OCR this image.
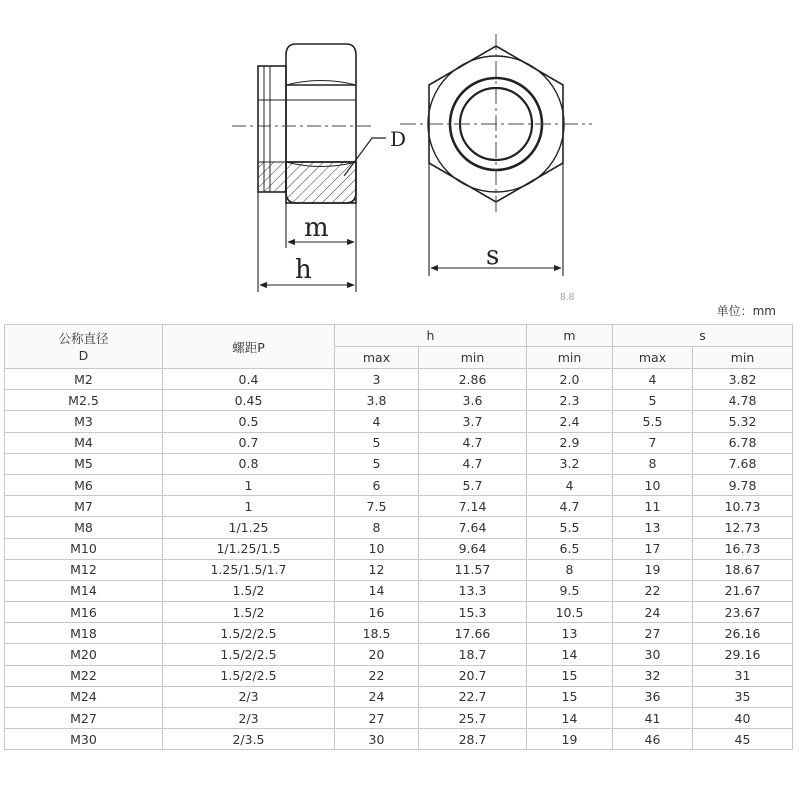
D
m
h	s
8.8
单位：mm
公称直径
D	螺距P	h		m	s	
		max	min	min	max	min
M2	0.4	3	2.86	2.0	4	3.82
M2.5	0.45	3.8	3.6	2.3	5	4.78
M3	0.5	4	3.7	2.4	5.5	5.32
M4	0.7	5	4.7	2.9	7	6.78
M5	0.8	5	4.7	3.2	8	7.68
M6	1	6	5.7	4	10	9.78
M7	1	7.5	7.14	4.7	11	10.73
M8	1/1.25	8	7.64	5.5	13	12.73
M10	1/1.25/1.5	10	9.64	6.5	17	16.73
M12	1.25/1.5/1.7	12	11.57	8	19	18.67
M14	1.5/2	14	13.3	9.5	22	21.67
M16	1.5/2	16	15.3	10.5	24	23.67
M18	1.5/2/2.5	18.5	17.66	13	27	26.16
M20	1.5/2/2.5	20	18.7	14	30	29.16
M22	1.5/2/2.5	22	20.7	15	32	31
M24	2/3	24	22.7	15	36	35
M27	2/3	27	25.7	14	41	40
M30	2/3.5	30	28.7	19	46	45
